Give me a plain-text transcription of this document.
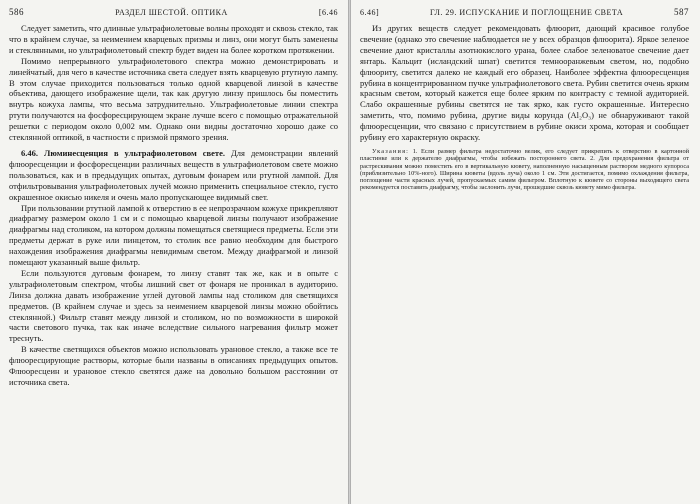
586	РАЗДЕЛ ШЕСТОЙ. ОПТИКА	[6.46

Следует заметить, что длинные ультрафиолетовые волны проходят и сквозь стекло, так что в крайнем случае, за неимением кварцевых призмы и линз, они могут быть заменены и стеклянными, но ультрафиолетовый спектр будет виден на более коротком протяжении.

Помимо непрерывного ультрафиолетового спектра можно демонстрировать и линейчатый, для чего в качестве источника света следует взять кварцевую ртутную лампу. В этом случае приходится пользоваться только одной кварцевой линзой в качестве объектива, дающего изображение щели, так как другую линзу пришлось бы поместить внутрь кожуха лампы, что весьма затруднительно. Ультрафиолетовые линии спектра ртути получаются на фосфоресцирующем экране лучше всего с помощью отражательной решетки с периодом около 0,002 мм. Однако они видны достаточно хорошо даже со стеклянной оптикой, в частности с призмой прямого зрения.

6.46. Люминесценция в ультрафиолетовом свете. Для демонстрации явлений флюоресценции и фосфоресценции различных веществ в ультрафиолетовом свете можно пользоваться, как и в предыдущих опытах, дуговым фонарем или ртутной лампой. Для отфильтровывания ультрафиолетовых лучей можно применить специальное стекло, густо окрашенное окисью никеля и очень мало пропускающее видимый свет.

При пользовании ртутной лампой к отверстию в ее непрозрачном кожухе прикрепляют диафрагму размером около 1 см и с помощью кварцевой линзы получают изображение диафрагмы над столиком, на котором должны помещаться светящиеся предметы. Если эти предметы держат в руке или пинцетом, то столик все равно необходим для быстрого нахождения изображения диафрагмы невидимым светом. Между диафрагмой и линзой помещают указанный выше фильтр.

Если пользуются дуговым фонарем, то линзу ставят так же, как и в опыте с ультрафиолетовым спектром, чтобы лишний свет от фонаря не проникал в аудиторию. Линза должна давать изображение углей дуговой лампы над столиком для светящихся предметов. (В крайнем случае и здесь за неимением кварцевой линзы можно обойтись стеклянной.) Фильтр ставят между линзой и столиком, но по возможности в широкой части светового пучка, так как иначе вследствие сильного нагревания фильтр может треснуть.

В качестве светящихся объектов можно использовать урановое стекло, а также все те флюоресцирующие растворы, которые были названы в описаниях предыдущих опытов. Флюоресцеин и урановое стекло светятся даже на довольно большом расстоянии от источника света.

6.46]	ГЛ. 29. ИСПУСКАНИЕ И ПОГЛОЩЕНИЕ СВЕТА	587

Из других веществ следует рекомендовать флюорит, дающий красивое голубое свечение (однако это свечение наблюдается не у всех образцов флюорита). Яркое зеленое свечение дают кристаллы азотнокислого урана, более слабое зеленоватое свечение дает янтарь. Кальцит (исландский шпат) светится темнооранжевым светом, но, подобно флюориту, светится далеко не каждый его образец. Наиболее эффектна флюоресценция рубина в концентрированном пучке ультрафиолетового света. Рубин светится очень ярким красным светом, который кажется еще более ярким по контрасту с темной аудиторией. Слабо окрашенные рубины светятся не так ярко, как густо окрашенные. Интересно заметить, что, помимо рубина, другие виды корунда (Al₂O₃) не обнаруживают такой флюоресценции, что связано с присутствием в рубине окиси хрома, которая и сообщает рубину его характерную окраску.

Указания: 1. Если размер фильтра недостаточно велик, его следует прикрепить к отверстию в картонной пластинке или к держателю диафрагмы, чтобы избежать постороннего света. 2. Для предохранения фильтра от растрескивания можно поместить его в вертикальную кювету, наполненную насыщенным раствором медного купороса (приблизительно 10%-ного). Ширина кюветы (вдоль луча) около 1 см. Эти достигается, помимо охлаждения фильтра, поглощение части красных лучей, пропускаемых самим фильтром. Вплотную к кювете со стороны выходящего света рекомендуется поставить диафрагму, чтобы заслонить лучи, прошедшие сквозь кювету мимо фильтра.
